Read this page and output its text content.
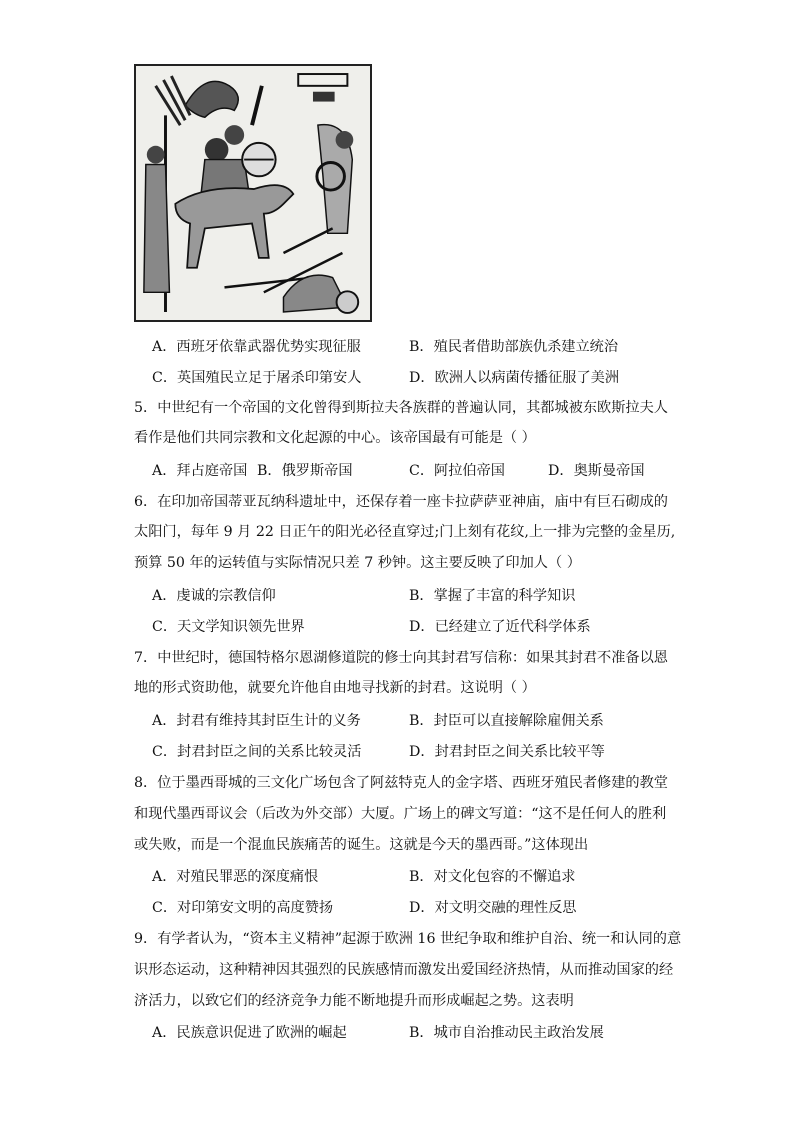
A．西班牙依靠武器优势实现征服	B．殖民者借助部族仇杀建立统治
C．英国殖民立足于屠杀印第安人	D．欧洲人以病菌传播征服了美洲
5．中世纪有一个帝国的文化曾得到斯拉夫各族群的普遍认同，其都城被东欧斯拉夫人
看作是他们共同宗教和文化起源的中心。该帝国最有可能是（ ）
A．拜占庭帝国 B．俄罗斯帝国	C．阿拉伯帝国	D．奥斯曼帝国
6．在印加帝国蒂亚瓦纳科遗址中，还保存着一座卡拉萨萨亚神庙，庙中有巨石砌成的
太阳门，每年 9 月 22 日正午的阳光必径直穿过;门上刻有花纹,上一排为完整的金星历,
预算 50 年的运转值与实际情况只差 7 秒钟。这主要反映了印加人（ ）
A．虔诚的宗教信仰	B．掌握了丰富的科学知识
C．天文学知识领先世界	D．已经建立了近代科学体系
7．中世纪时，德国特格尔恩湖修道院的修士向其封君写信称：如果其封君不准备以恩
地的形式资助他，就要允许他自由地寻找新的封君。这说明（ ）
A．封君有维持其封臣生计的义务	B．封臣可以直接解除雇佣关系
C．封君封臣之间的关系比较灵活	D．封君封臣之间关系比较平等
8．位于墨西哥城的三文化广场包含了阿兹特克人的金字塔、西班牙殖民者修建的教堂
和现代墨西哥议会（后改为外交部）大厦。广场上的碑文写道：“这不是任何人的胜利
或失败，而是一个混血民族痛苦的诞生。这就是今天的墨西哥。”这体现出
A．对殖民罪恶的深度痛恨	B．对文化包容的不懈追求
C．对印第安文明的高度赞扬	D．对文明交融的理性反思
9．有学者认为，“资本主义精神”起源于欧洲 16 世纪争取和维护自治、统一和认同的意
识形态运动，这种精神因其强烈的民族感情而激发出爱国经济热情，从而推动国家的经
济活力，以致它们的经济竞争力能不断地提升而形成崛起之势。这表明
A．民族意识促进了欧洲的崛起	B．城市自治推动民主政治发展
